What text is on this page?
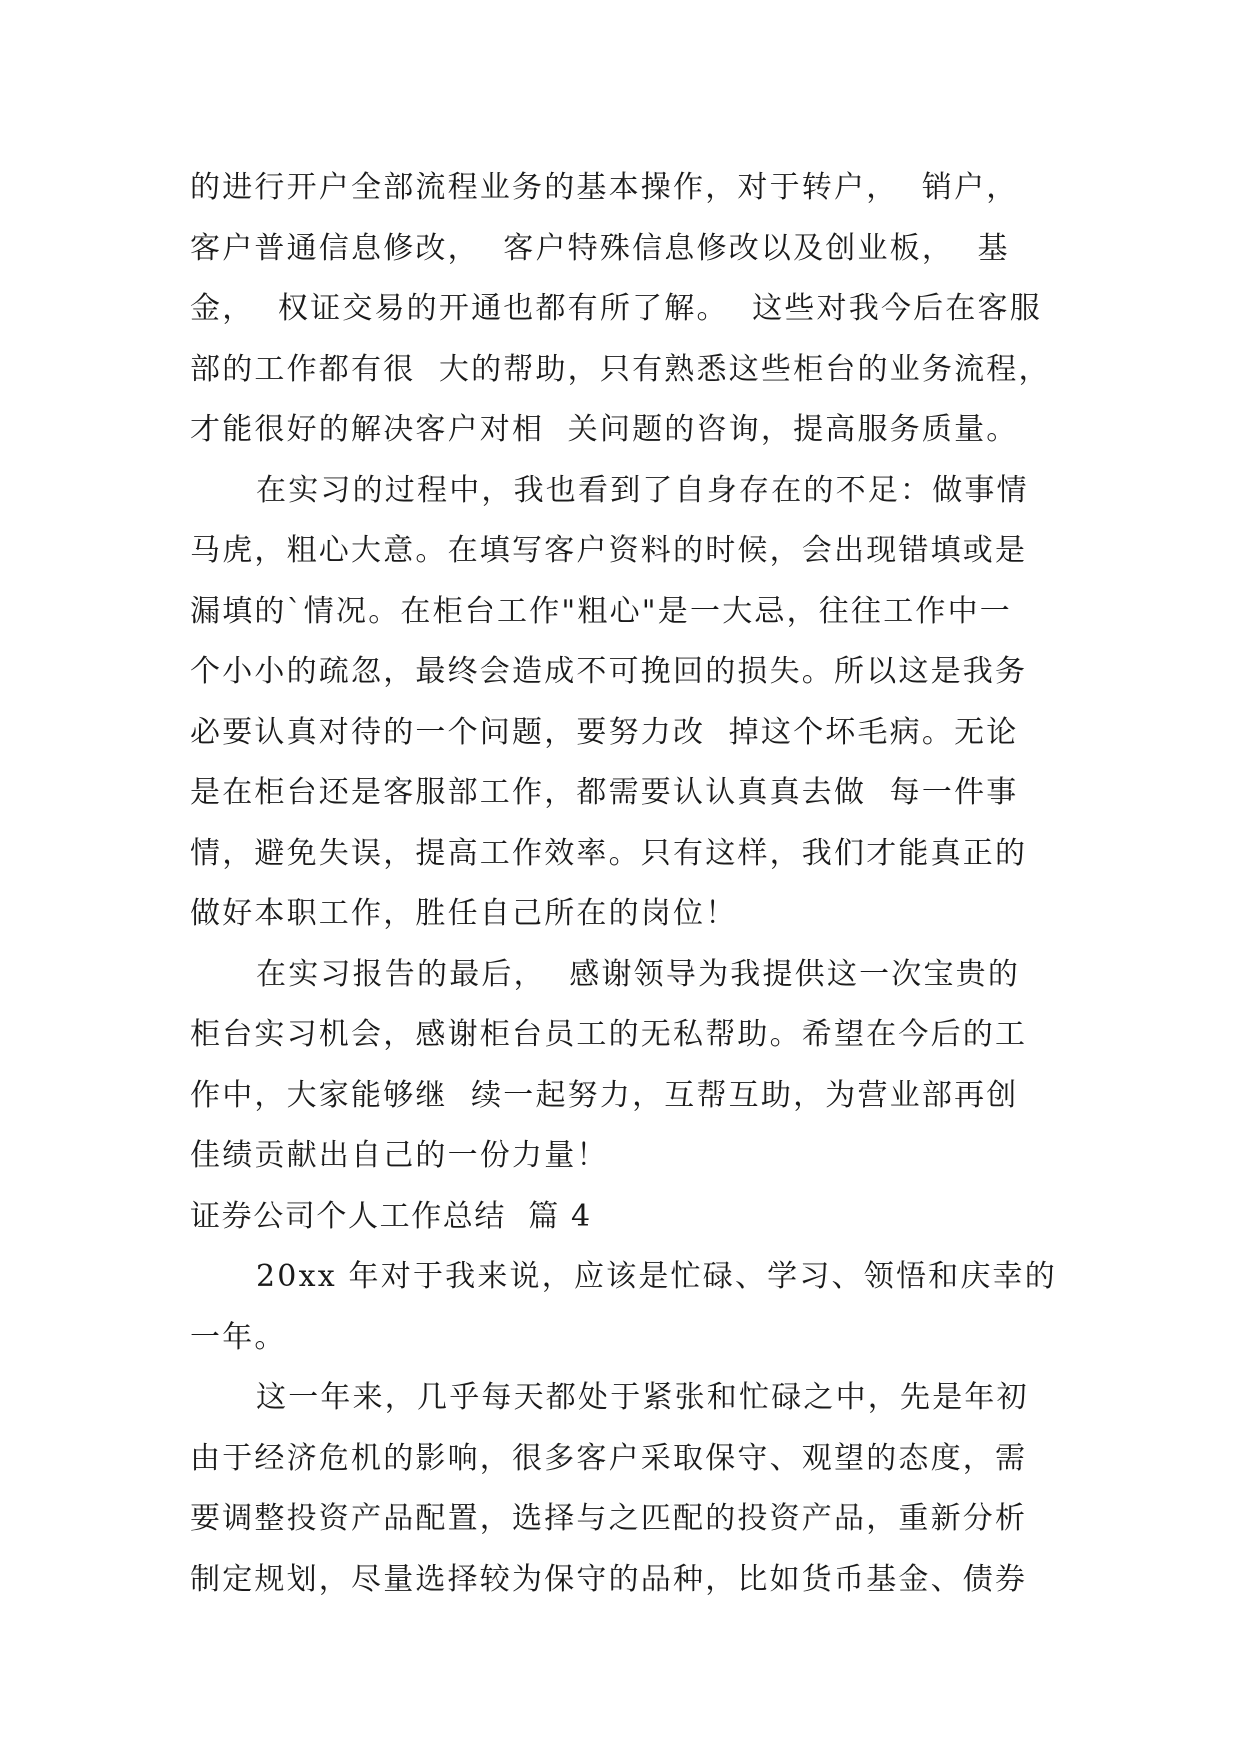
的进行开户全部流程业务的基本操作，对于转户，  销户，
客户普通信息修改，  客户特殊信息修改以及创业板，  基
金，  权证交易的开通也都有所了解。  这些对我今后在客服
部的工作都有很  大的帮助，只有熟悉这些柜台的业务流程，
才能很好的解决客户对相  关问题的咨询，提高服务质量。
在实习的过程中，我也看到了自身存在的不足：做事情
马虎，粗心大意。在填写客户资料的时候，会出现错填或是
漏填的`情况。在柜台工作"粗心"是一大忌，往往工作中一
个小小的疏忽，最终会造成不可挽回的损失。所以这是我务
必要认真对待的一个问题，要努力改  掉这个坏毛病。无论
是在柜台还是客服部工作，都需要认认真真去做  每一件事
情，避免失误，提高工作效率。只有这样，我们才能真正的
做好本职工作，胜任自己所在的岗位！
在实习报告的最后，  感谢领导为我提供这一次宝贵的
柜台实习机会，感谢柜台员工的无私帮助。希望在今后的工
作中，大家能够继  续一起努力，互帮互助，为营业部再创
佳绩贡献出自己的一份力量！
证券公司个人工作总结  篇 4
20xx 年对于我来说，应该是忙碌、学习、领悟和庆幸的
一年。
这一年来，几乎每天都处于紧张和忙碌之中，先是年初
由于经济危机的影响，很多客户采取保守、观望的态度，需
要调整投资产品配置，选择与之匹配的投资产品，重新分析
制定规划，尽量选择较为保守的品种，比如货币基金、债券
